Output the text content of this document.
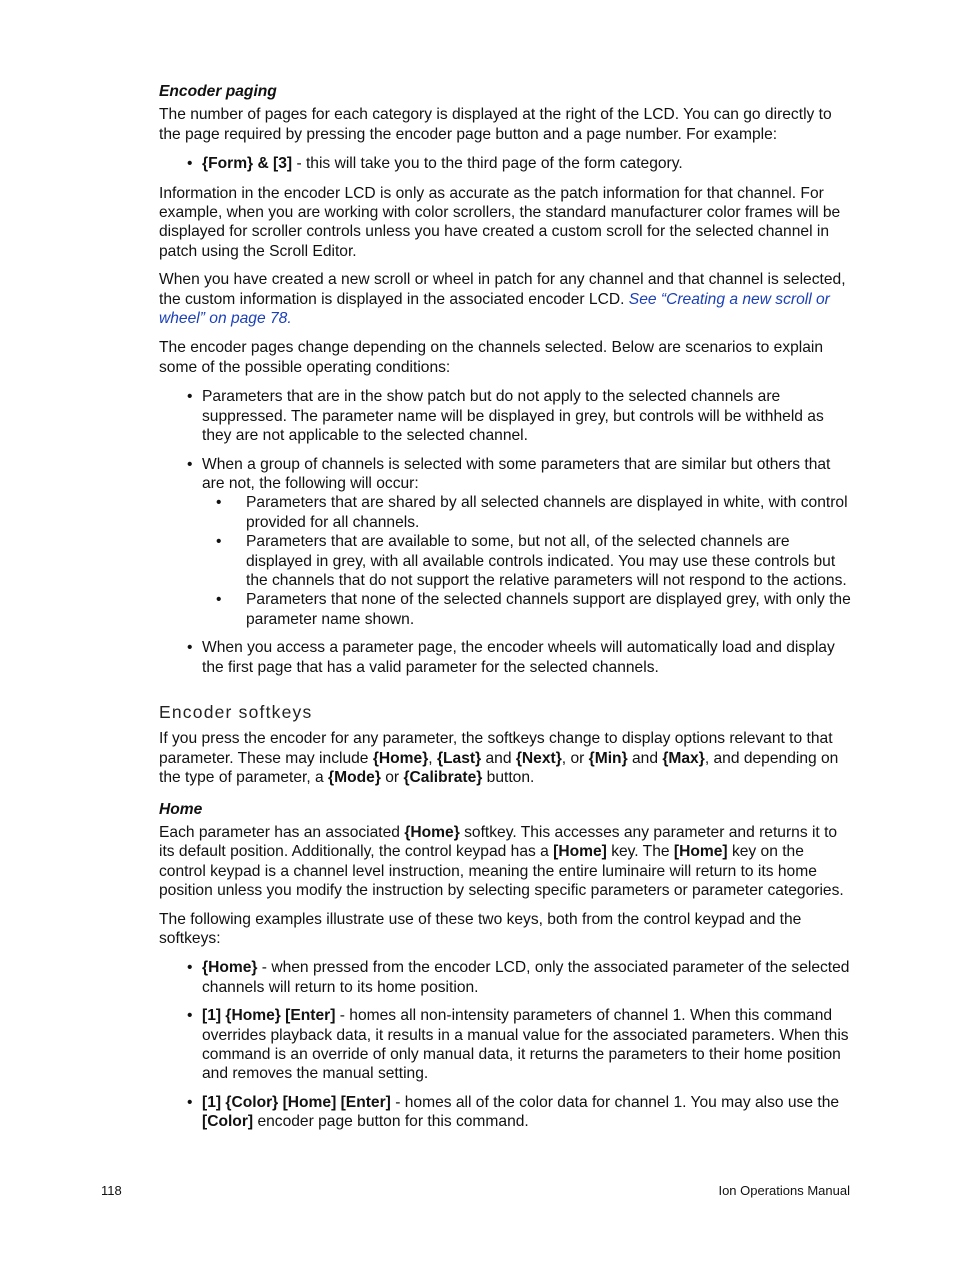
Encoder paging

The number of pages for each category is displayed at the right of the LCD. You can go directly to the page required by pressing the encoder page button and a page number. For example:

• {Form} & [3] - this will take you to the third page of the form category.

Information in the encoder LCD is only as accurate as the patch information for that channel. For example, when you are working with color scrollers, the standard manufacturer color frames will be displayed for scroller controls unless you have created a custom scroll for the selected channel in patch using the Scroll Editor.

When you have created a new scroll or wheel in patch for any channel and that channel is selected, the custom information is displayed in the associated encoder LCD. See “Creating a new scroll or wheel” on page 78.

The encoder pages change depending on the channels selected. Below are scenarios to explain some of the possible operating conditions:

• Parameters that are in the show patch but do not apply to the selected channels are suppressed. The parameter name will be displayed in grey, but controls will be withheld as they are not applicable to the selected channel.
• When a group of channels is selected with some parameters that are similar but others that are not, the following will occur:
• Parameters that are shared by all selected channels are displayed in white, with control provided for all channels.
• Parameters that are available to some, but not all, of the selected channels are displayed in grey, with all available controls indicated. You may use these controls but the channels that do not support the relative parameters will not respond to the actions.
• Parameters that none of the selected channels support are displayed grey, with only the parameter name shown.
• When you access a parameter page, the encoder wheels will automatically load and display the first page that has a valid parameter for the selected channels.
Encoder softkeys

If you press the encoder for any parameter, the softkeys change to display options relevant to that parameter. These may include {Home}, {Last} and {Next}, or {Min} and {Max}, and depending on the type of parameter, a {Mode} or {Calibrate} button.

Home

Each parameter has an associated {Home} softkey. This accesses any parameter and returns it to its default position. Additionally, the control keypad has a [Home] key. The [Home] key on the control keypad is a channel level instruction, meaning the entire luminaire will return to its home position unless you modify the instruction by selecting specific parameters or parameter categories.

The following examples illustrate use of these two keys, both from the control keypad and the softkeys:

• {Home} - when pressed from the encoder LCD, only the associated parameter of the selected channels will return to its home position.
• [1] {Home} [Enter] - homes all non-intensity parameters of channel 1. When this command overrides playback data, it results in a manual value for the associated parameters. When this command is an override of only manual data, it returns the parameters to their home position and removes the manual setting.
• [1] {Color} [Home] [Enter] - homes all of the color data for channel 1. You may also use the [Color] encoder page button for this command.
118	Ion Operations Manual
